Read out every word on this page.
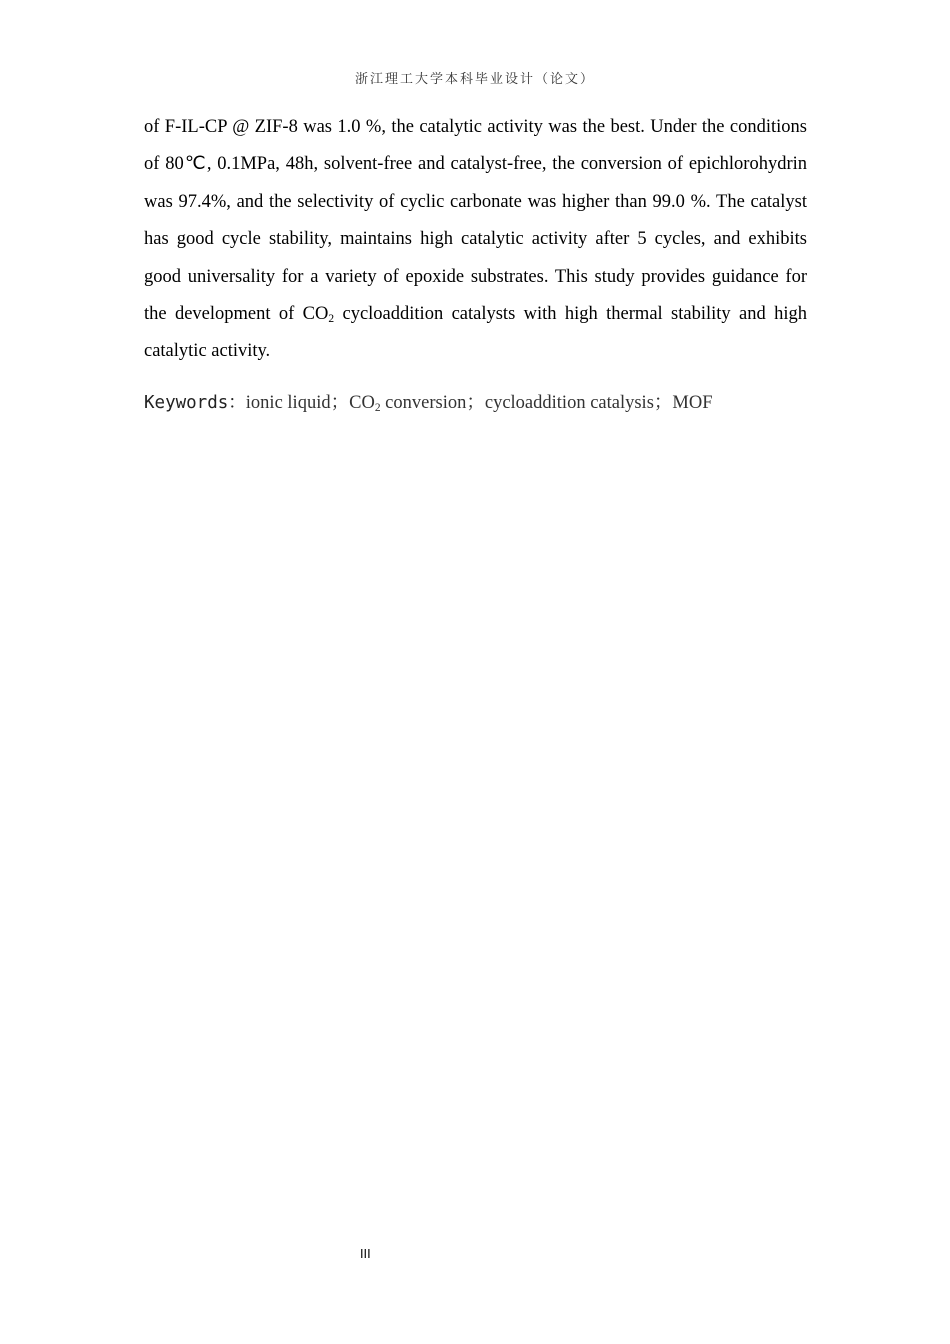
浙江理工大学本科毕业设计（论文）

of F-IL-CP @ ZIF-8 was 1.0 %, the catalytic activity was the best. Under the conditions of 80℃, 0.1MPa, 48h, solvent-free and catalyst-free, the conversion of epichlorohydrin was 97.4%, and the selectivity of cyclic carbonate was higher than 99.0 %. The catalyst has good cycle stability, maintains high catalytic activity after 5 cycles, and exhibits good universality for a variety of epoxide substrates. This study provides guidance for the development of $CO_2$ cycloaddition catalysts with high thermal stability and high catalytic activity.

Keywords：ionic liquid；$CO_2$ conversion；cycloaddition catalysis；MOF
III
